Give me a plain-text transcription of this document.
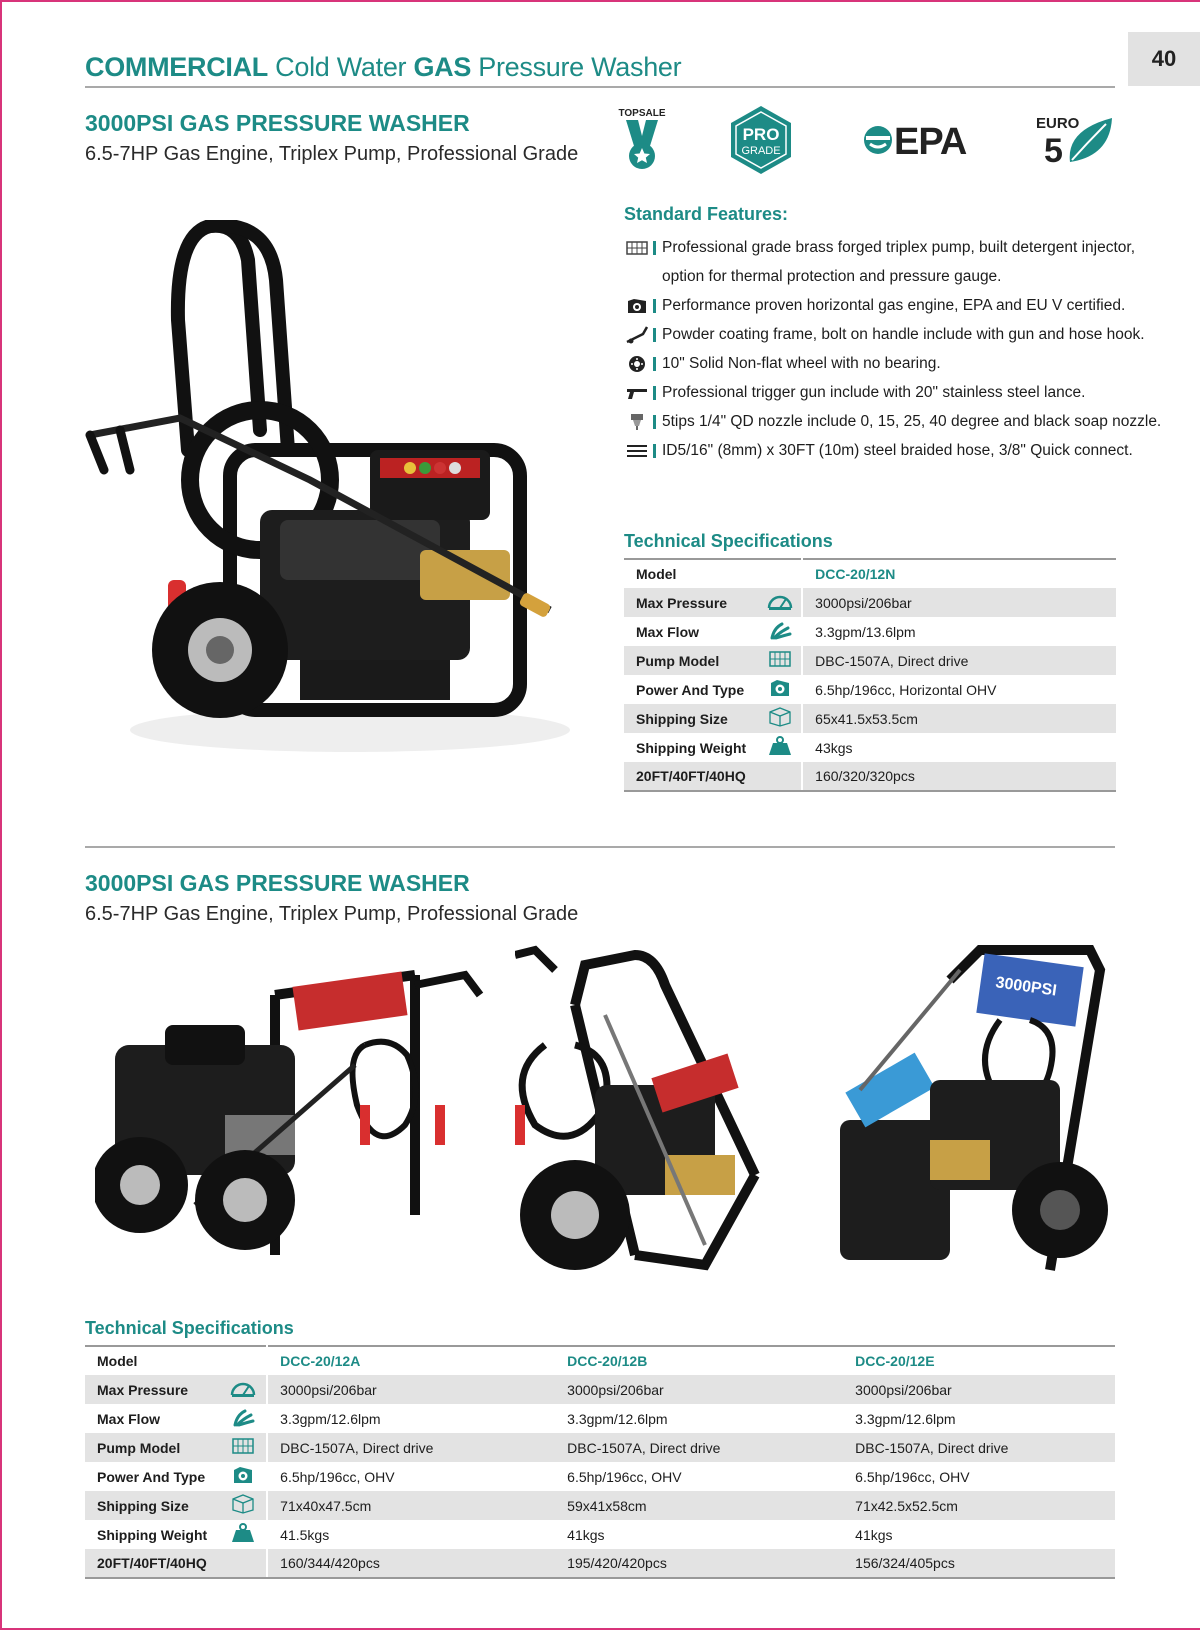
40
COMMERCIAL Cold Water GAS Pressure Washer
3000PSI GAS PRESSURE WASHER
6.5-7HP Gas Engine, Triplex Pump, Professional Grade
TOPSALE
PRO
GRADE	EPA	EURO
5
Standard Features:
Professional grade brass forged triplex pump, built detergent injector,
option for thermal protection and pressure gauge.
Performance proven horizontal gas engine, EPA and EU V certified.
Powder coating frame, bolt on handle include with gun and hose hook.
10" Solid Non-flat wheel with no bearing.
Professional trigger gun include with 20" stainless steel lance.
5tips 1/4" QD nozzle include 0, 15, 25, 40 degree and black soap nozzle.
ID5/16" (8mm) x 30FT (10m) steel braided hose, 3/8" Quick connect.
Technical Specifications
Model		DCC-20/12N
Max Pressure		3000psi/206bar
Max Flow		3.3gpm/13.6lpm
Pump Model		DBC-1507A, Direct drive
Power And Type		6.5hp/196cc, Horizontal OHV
Shipping Size		65x41.5x53.5cm
Shipping Weight		43kgs
20FT/40FT/40HQ		160/320/320pcs
3000PSI GAS PRESSURE WASHER
6.5-7HP Gas Engine, Triplex Pump, Professional Grade
3000PSI
Technical Specifications
Model		DCC-20/12A	DCC-20/12B	DCC-20/12E
Max Pressure		3000psi/206bar	3000psi/206bar	3000psi/206bar
Max Flow		3.3gpm/12.6lpm	3.3gpm/12.6lpm	3.3gpm/12.6lpm
Pump Model		DBC-1507A, Direct drive	DBC-1507A, Direct drive	DBC-1507A, Direct drive
Power And Type		6.5hp/196cc, OHV	6.5hp/196cc, OHV	6.5hp/196cc, OHV
Shipping Size		71x40x47.5cm	59x41x58cm	71x42.5x52.5cm
Shipping Weight		41.5kgs	41kgs	41kgs
20FT/40FT/40HQ		160/344/420pcs	195/420/420pcs	156/324/405pcs
